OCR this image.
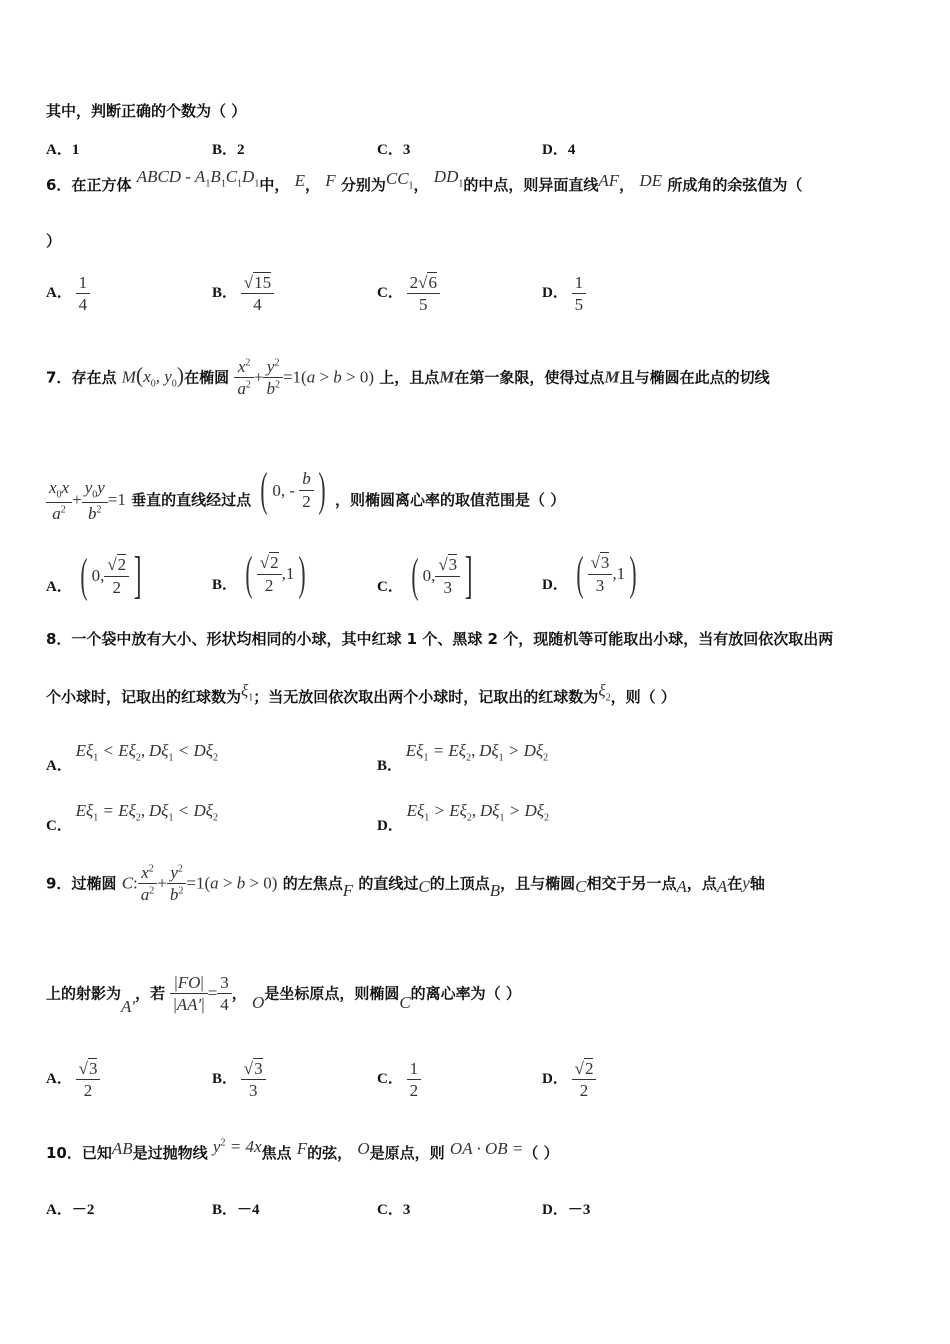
其中，判断正确的个数为（ ）
A．1	B．2	C．3	D．4
6．在正方体 ABCD - $A_1B_1C_1D_1$中， E， F 分别为$CC_1$， $DD_1$的中点，则异面直线AF， DE 所成角的余弦值为（
）
A． $\frac{1}{4}$	B． $\frac{√15}{4}$	C． $\frac{2√6}{5}$	D． $\frac{1}{5}$
7．存在点 $M(x_0$, $y_0$)在椭圆 $\frac{x^2}{a^2} + \frac{y^2}{b^2} =1(a > b > 0)$ 上，且点M在第一象限，使得过点M且与椭圆在此点的切线
$\frac{x_0x}{a^2} + \frac{y_0y}{b^2} =1$ 垂直的直线经过点 ( 0, - $\frac{b}{2}$ ) ，则椭圆离心率的取值范围是（ ）
A． ( 0, $\frac{√2}{2}$ ]	B． ( $\frac{√2}{2} ,1$ )	C． ( 0, $\frac{√3}{3}$ ]	D． ( $\frac{√3}{3} ,1$ )
8．一个袋中放有大小、形状均相同的小球，其中红球 1 个、黑球 2 个，现随机等可能取出小球，当有放回依次取出两
个小球时，记取出的红球数为$\xi_1$；当无放回依次取出两个小球时，记取出的红球数为$\xi_2$，则（ ）
A． $E\xi_1 < E\xi_2$, $D\xi_1 < D\xi_2$
B． $E\xi_1 = E\xi_2$, $D\xi_1 > D\xi_2$
C． $E\xi_1 = E\xi_2$, $D\xi_1 < D\xi_2$
D． $E\xi_1 > E\xi_2$, $D\xi_1 > D\xi_2$
9．过椭圆 C: $\frac{x^2}{a^2} + \frac{y^2}{b^2} =1(a > b > 0)$ 的左焦点F 的直线过C的上顶点B，且与椭圆C相交于另一点A，点A在y轴
上的射影为A′，若 $\frac{|FO|}{|AA'|} = \frac{3}{4}$ ， O是坐标原点，则椭圆C的离心率为（ ）
A． $\frac{√3}{2}$	B． $\frac{√3}{3}$	C． $\frac{1}{2}$	D． $\frac{√2}{2}$
10．已知AB是过抛物线 $y^2 = 4x$焦点 F的弦， O是原点，则 OA · OB =（ ）
A．－2	B．－4	C．3	D．－3
